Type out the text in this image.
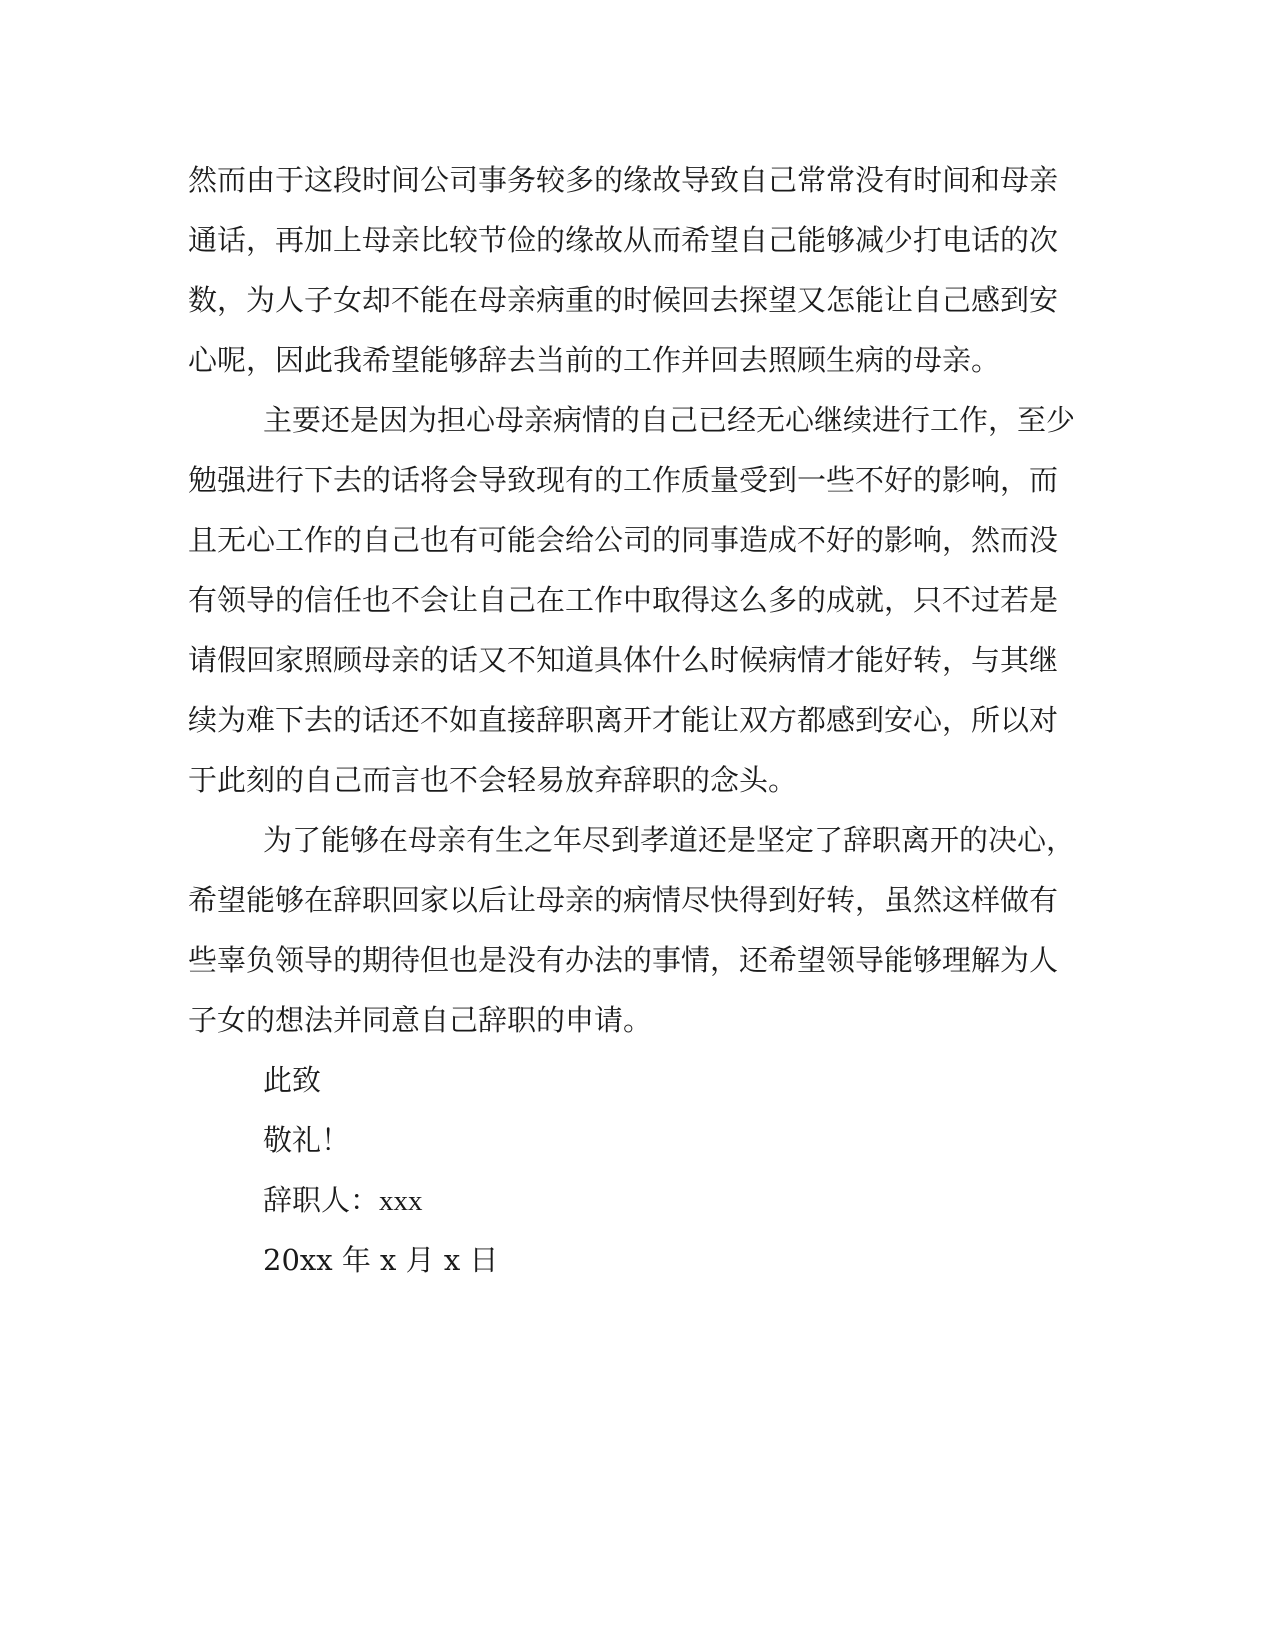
然而由于这段时间公司事务较多的缘故导致自己常常没有时间和母亲
通话，再加上母亲比较节俭的缘故从而希望自己能够减少打电话的次
数，为人子女却不能在母亲病重的时候回去探望又怎能让自己感到安
心呢，因此我希望能够辞去当前的工作并回去照顾生病的母亲。
主要还是因为担心母亲病情的自己已经无心继续进行工作，至少
勉强进行下去的话将会导致现有的工作质量受到一些不好的影响，而
且无心工作的自己也有可能会给公司的同事造成不好的影响，然而没
有领导的信任也不会让自己在工作中取得这么多的成就，只不过若是
请假回家照顾母亲的话又不知道具体什么时候病情才能好转，与其继
续为难下去的话还不如直接辞职离开才能让双方都感到安心，所以对
于此刻的自己而言也不会轻易放弃辞职的念头。
为了能够在母亲有生之年尽到孝道还是坚定了辞职离开的决心，
希望能够在辞职回家以后让母亲的病情尽快得到好转，虽然这样做有
些辜负领导的期待但也是没有办法的事情，还希望领导能够理解为人
子女的想法并同意自己辞职的申请。
此致
敬礼！
辞职人：xxx
20xx 年 x 月 x 日
